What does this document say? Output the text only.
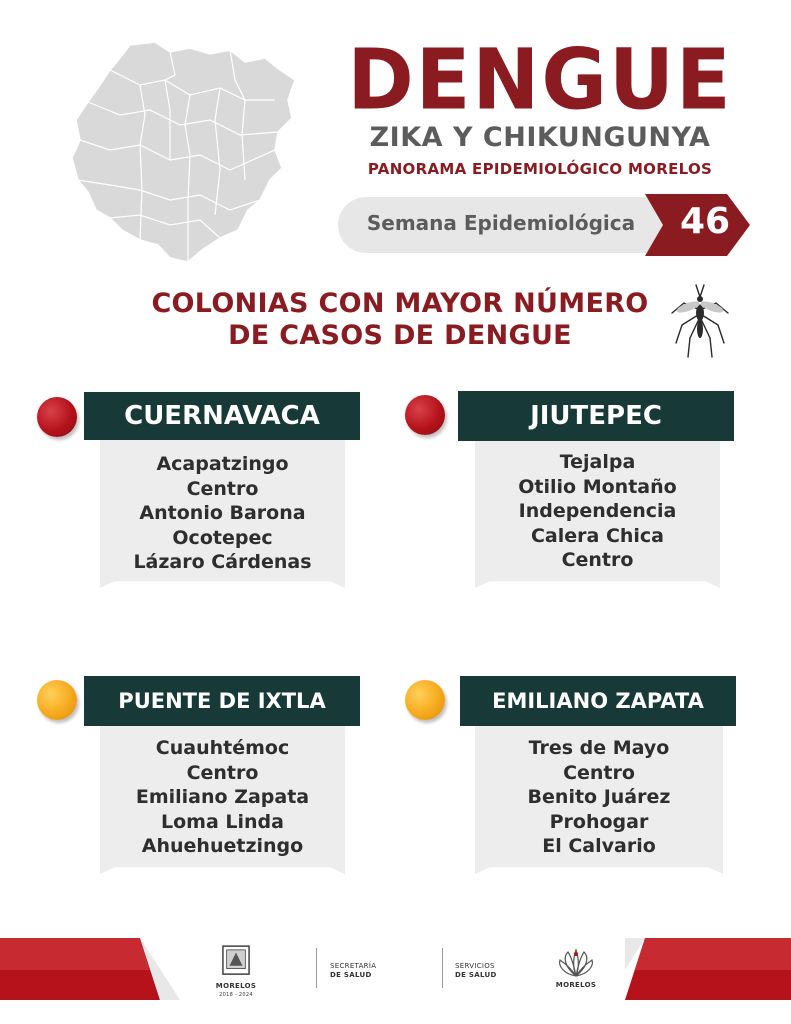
DENGUE
ZIKA Y CHIKUNGUNYA
PANORAMA EPIDEMIOLÓGICO MORELOS
Semana Epidemiológica	46
COLONIAS CON MAYOR NÚMERO
DE CASOS DE DENGUE
CUERNAVACA
Acapatzingo
Centro
Antonio Barona
Ocotepec
Lázaro Cárdenas
JIUTEPEC
Tejalpa
Otilio Montaño
Independencia
Calera Chica
Centro
PUENTE DE IXTLA
Cuauhtémoc
Centro
Emiliano Zapata
Loma Linda
Ahuehuetzingo
EMILIANO ZAPATA
Tres de Mayo
Centro
Benito Juárez
Prohogar
El Calvario
MORELOS
2018 - 2024
SECRETARÍA
DE SALUD
SERVICIOS
DE SALUD
MORELOS
